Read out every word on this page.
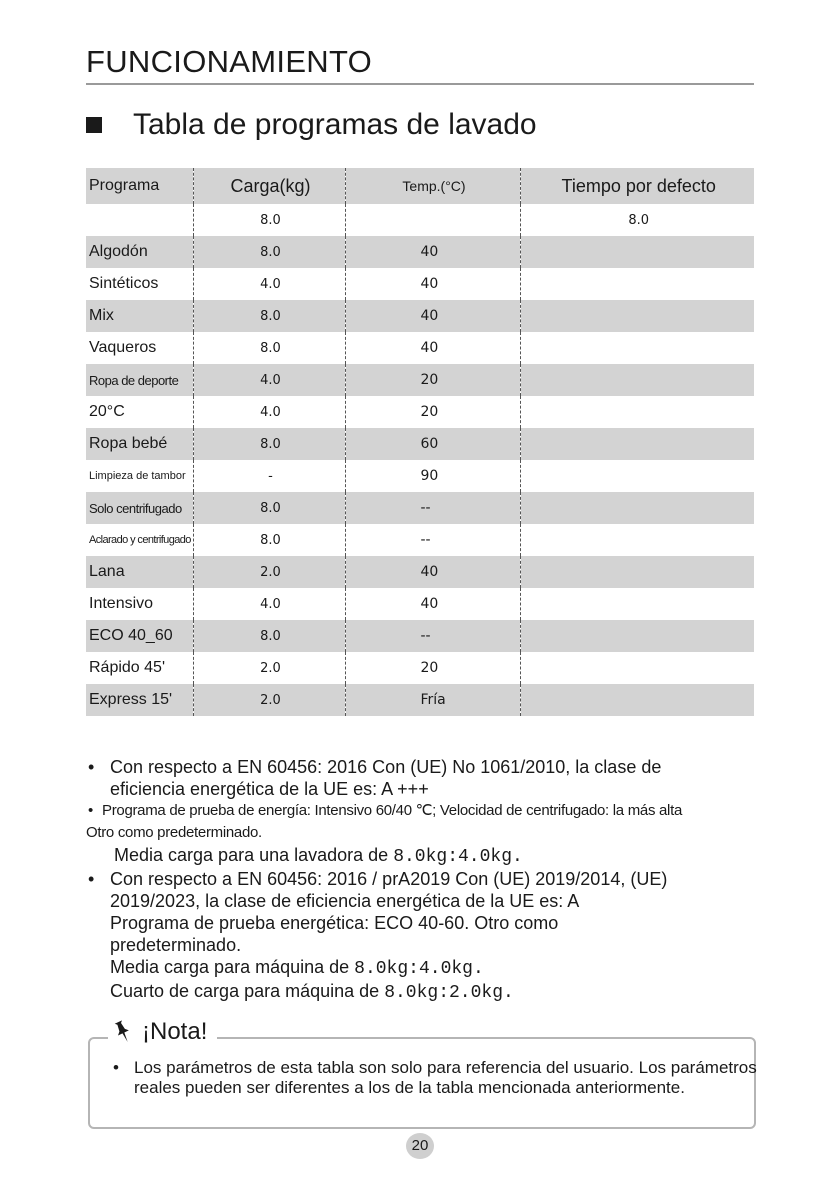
FUNCIONAMIENTO
Tabla de programas de lavado
Programa	Carga(kg)	Temp.(°C)	Tiempo por defecto
	8.0		8.0
Algodón	8.0	40	
Sintéticos	4.0	40	
Mix	8.0	40	
Vaqueros	8.0	40	
Ropa de deporte	4.0	20	
20°C	4.0	20	
Ropa bebé	8.0	60	
Limpieza de tambor	-	90	
Solo centrifugado	8.0	--	
Aclarado y centrifugado	8.0	--	
Lana	2.0	40	
Intensivo	4.0	40	
ECO 40_60	8.0	--	
Rápido 45'	2.0	20	
Express 15'	2.0	Fría	
• Con respecto a EN 60456: 2016 Con (UE) No 1061/2010, la clase de
eficiencia energética de la UE es: A +++
• Programa de prueba de energía: Intensivo 60/40 ℃; Velocidad de centrifugado: la más alta
Otro como predeterminado.
Media carga para una lavadora de 8.0kg:4.0kg.
• Con respecto a EN 60456: 2016 / prA2019 Con (UE) 2019/2014, (UE)
2019/2023, la clase de eficiencia energética de la UE es: A
Programa de prueba energética: ECO 40-60. Otro como
predeterminado.
Media carga para máquina de 8.0kg:4.0kg.
Cuarto de carga para máquina de 8.0kg:2.0kg.
¡Nota!
• Los parámetros de esta tabla son solo para referencia del usuario. Los parámetros reales pueden ser diferentes a los de la tabla mencionada anteriormente.
20
